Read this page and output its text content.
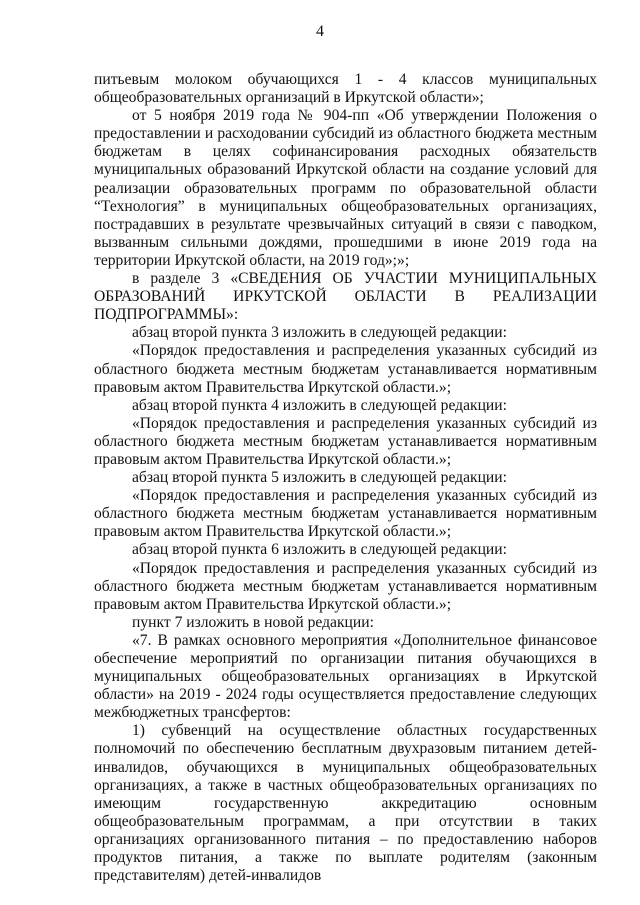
4

питьевым молоком обучающихся 1 - 4 классов муниципальных общеобразовательных организаций в Иркутской области»;

от 5 ноября 2019 года № 904-пп «Об утверждении Положения о предоставлении и расходовании субсидий из областного бюджета местным бюджетам в целях софинансирования расходных обязательств муниципальных образований Иркутской области на создание условий для реализации образовательных программ по образовательной области “Технология” в муниципальных общеобразовательных организациях, пострадавших в результате чрезвычайных ситуаций в связи с паводком, вызванным сильными дождями, прошедшими в июне 2019 года на территории Иркутской области, на 2019 год»;»;

в разделе 3 «СВЕДЕНИЯ ОБ УЧАСТИИ МУНИЦИПАЛЬНЫХ ОБРАЗОВАНИЙ ИРКУТСКОЙ ОБЛАСТИ В РЕАЛИЗАЦИИ ПОДПРОГРАММЫ»:

абзац второй пункта 3 изложить в следующей редакции:

«Порядок предоставления и распределения указанных субсидий из областного бюджета местным бюджетам устанавливается нормативным правовым актом Правительства Иркутской области.»;

абзац второй пункта 4 изложить в следующей редакции:

«Порядок предоставления и распределения указанных субсидий из областного бюджета местным бюджетам устанавливается нормативным правовым актом Правительства Иркутской области.»;

абзац второй пункта 5 изложить в следующей редакции:

«Порядок предоставления и распределения указанных субсидий из областного бюджета местным бюджетам устанавливается нормативным правовым актом Правительства Иркутской области.»;

абзац второй пункта 6 изложить в следующей редакции:

«Порядок предоставления и распределения указанных субсидий из областного бюджета местным бюджетам устанавливается нормативным правовым актом Правительства Иркутской области.»;

пункт 7 изложить в новой редакции:

«7. В рамках основного мероприятия «Дополнительное финансовое обеспечение мероприятий по организации питания обучающихся в муниципальных общеобразовательных организациях в Иркутской области» на 2019 - 2024 годы осуществляется предоставление следующих межбюджетных трансфертов:

1) субвенций на осуществление областных государственных полномочий по обеспечению бесплатным двухразовым питанием детей-инвалидов, обучающихся в муниципальных общеобразовательных организациях, а также в частных общеобразовательных организациях по имеющим государственную аккредитацию основным общеобразовательным программам, а при отсутствии в таких организациях организованного питания – по предоставлению наборов продуктов питания, а также по выплате родителям (законным представителям) детей-инвалидов
